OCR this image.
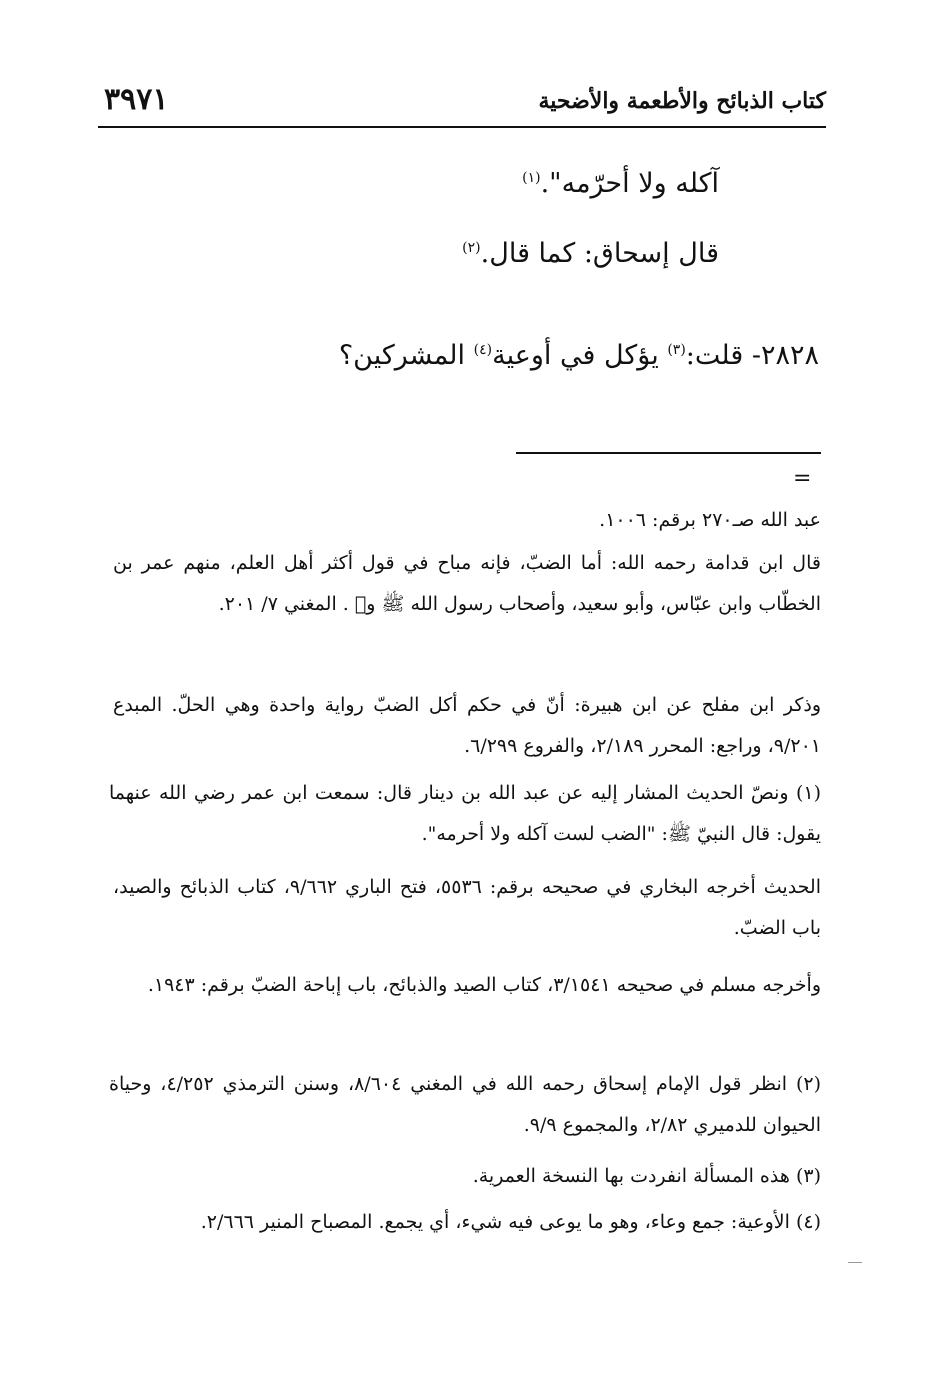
٣٩٧١	كتاب الذبائح والأطعمة والأضحية
آكله ولا أحرّمه".$^{(١)}$
قال إسحاق: كما قال.$^{(٢)}$
٢٨٢٨- قلت:$^{(٣)}$ يؤكل في أوعية$^{(٤)}$ المشركين؟
=
عبد الله صـ٢٧٠ برقم: ١٠٠٦.
قال ابن قدامة رحمه الله: أما الضبّ، فإنه مباح في قول أكثر أهل العلم، منهم عمر بن الخطّاب وابن عبّاس، وأبو سعيد، وأصحاب رسول الله ﷺ و﷩ . المغني ٧/ ٢٠١.
وذكر ابن مفلح عن ابن هبيرة: أنّ في حكم أكل الضبّ رواية واحدة وهي الحلّ. المبدع ٩/٢٠١، وراجع: المحرر ٢/١٨٩، والفروع ٦/٢٩٩.
(١) ونصّ الحديث المشار إليه عن عبد الله بن دينار قال: سمعت ابن عمر رضي الله عنهما يقول: قال النبيّ ﷺ: "الضب لست آكله ولا أحرمه".
الحديث أخرجه البخاري في صحيحه برقم: ٥٥٣٦، فتح الباري ٩/٦٦٢، كتاب الذبائح والصيد، باب الضبّ.
وأخرجه مسلم في صحيحه ٣/١٥٤١، كتاب الصيد والذبائح، باب إباحة الضبّ برقم: ١٩٤٣.
(٢) انظر قول الإمام إسحاق رحمه الله في المغني ٨/٦٠٤، وسنن الترمذي ٤/٢٥٢، وحياة الحيوان للدميري ٢/٨٢، والمجموع ٩/٩.
(٣) هذه المسألة انفردت بها النسخة العمرية.
(٤) الأوعية: جمع وعاء، وهو ما يوعى فيه شيء، أي يجمع. المصباح المنير ٢/٦٦٦.
